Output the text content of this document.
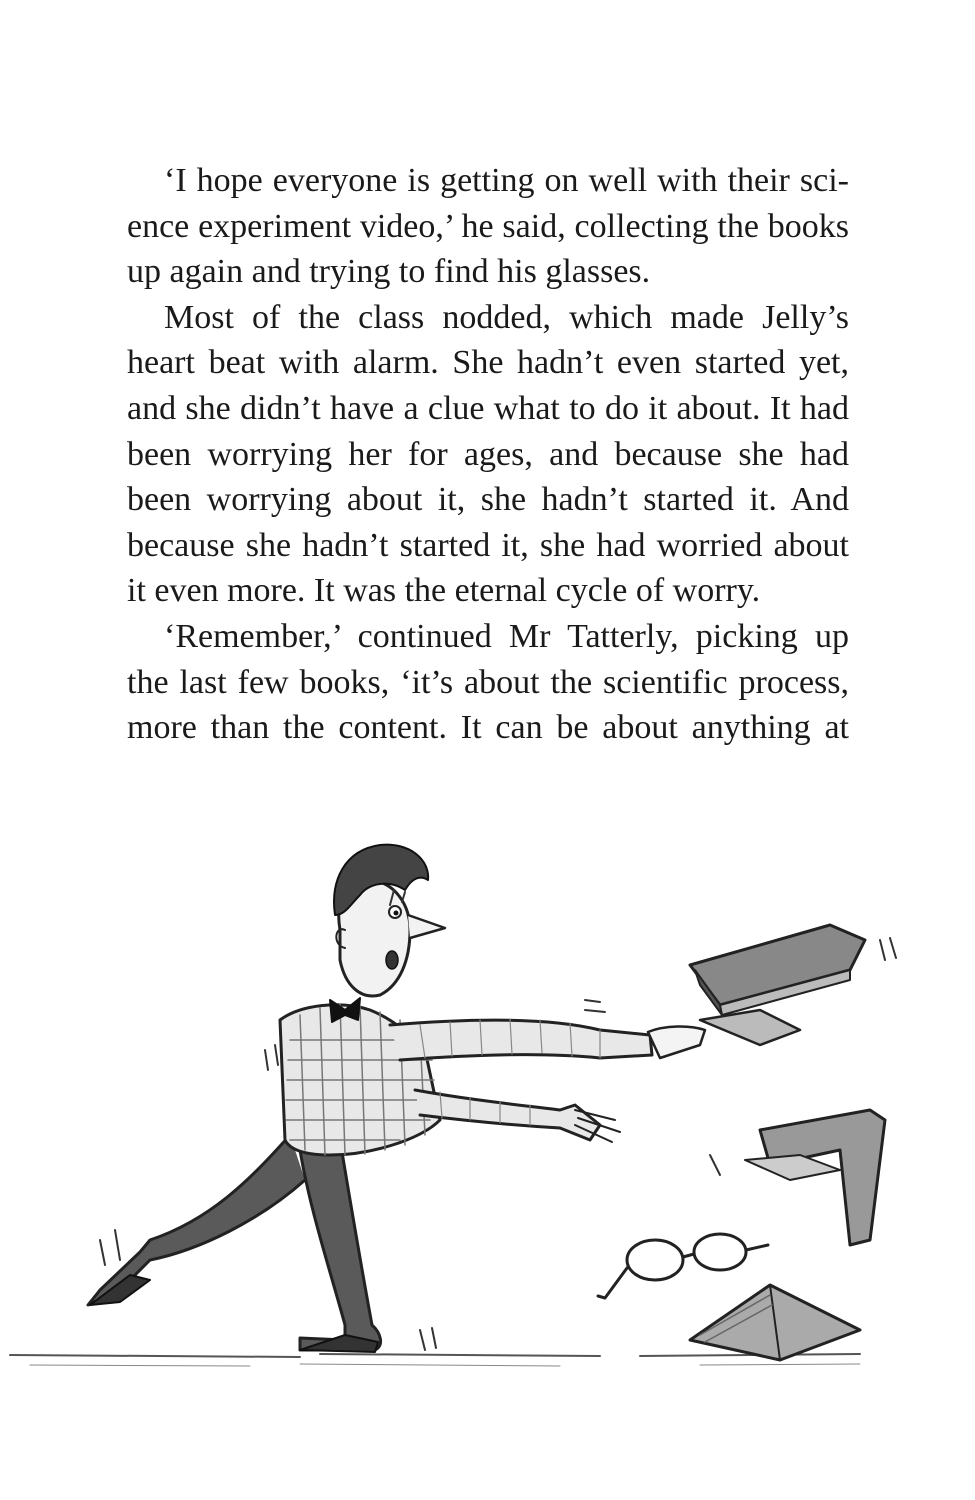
‘I hope everyone is getting on well with their sci-
ence experiment video,’ he said, collecting the books
up again and trying to find his glasses.
Most of the class nodded, which made Jelly’s
heart beat with alarm. She hadn’t even started yet,
and she didn’t have a clue what to do it about. It had
been worrying her for ages, and because she had
been worrying about it, she hadn’t started it. And
because she hadn’t started it, she had worried about
it even more. It was the eternal cycle of worry.
‘Remember,’ continued Mr Tatterly, picking up
the last few books, ‘it’s about the scientific process,
more than the content. It can be about anything at
